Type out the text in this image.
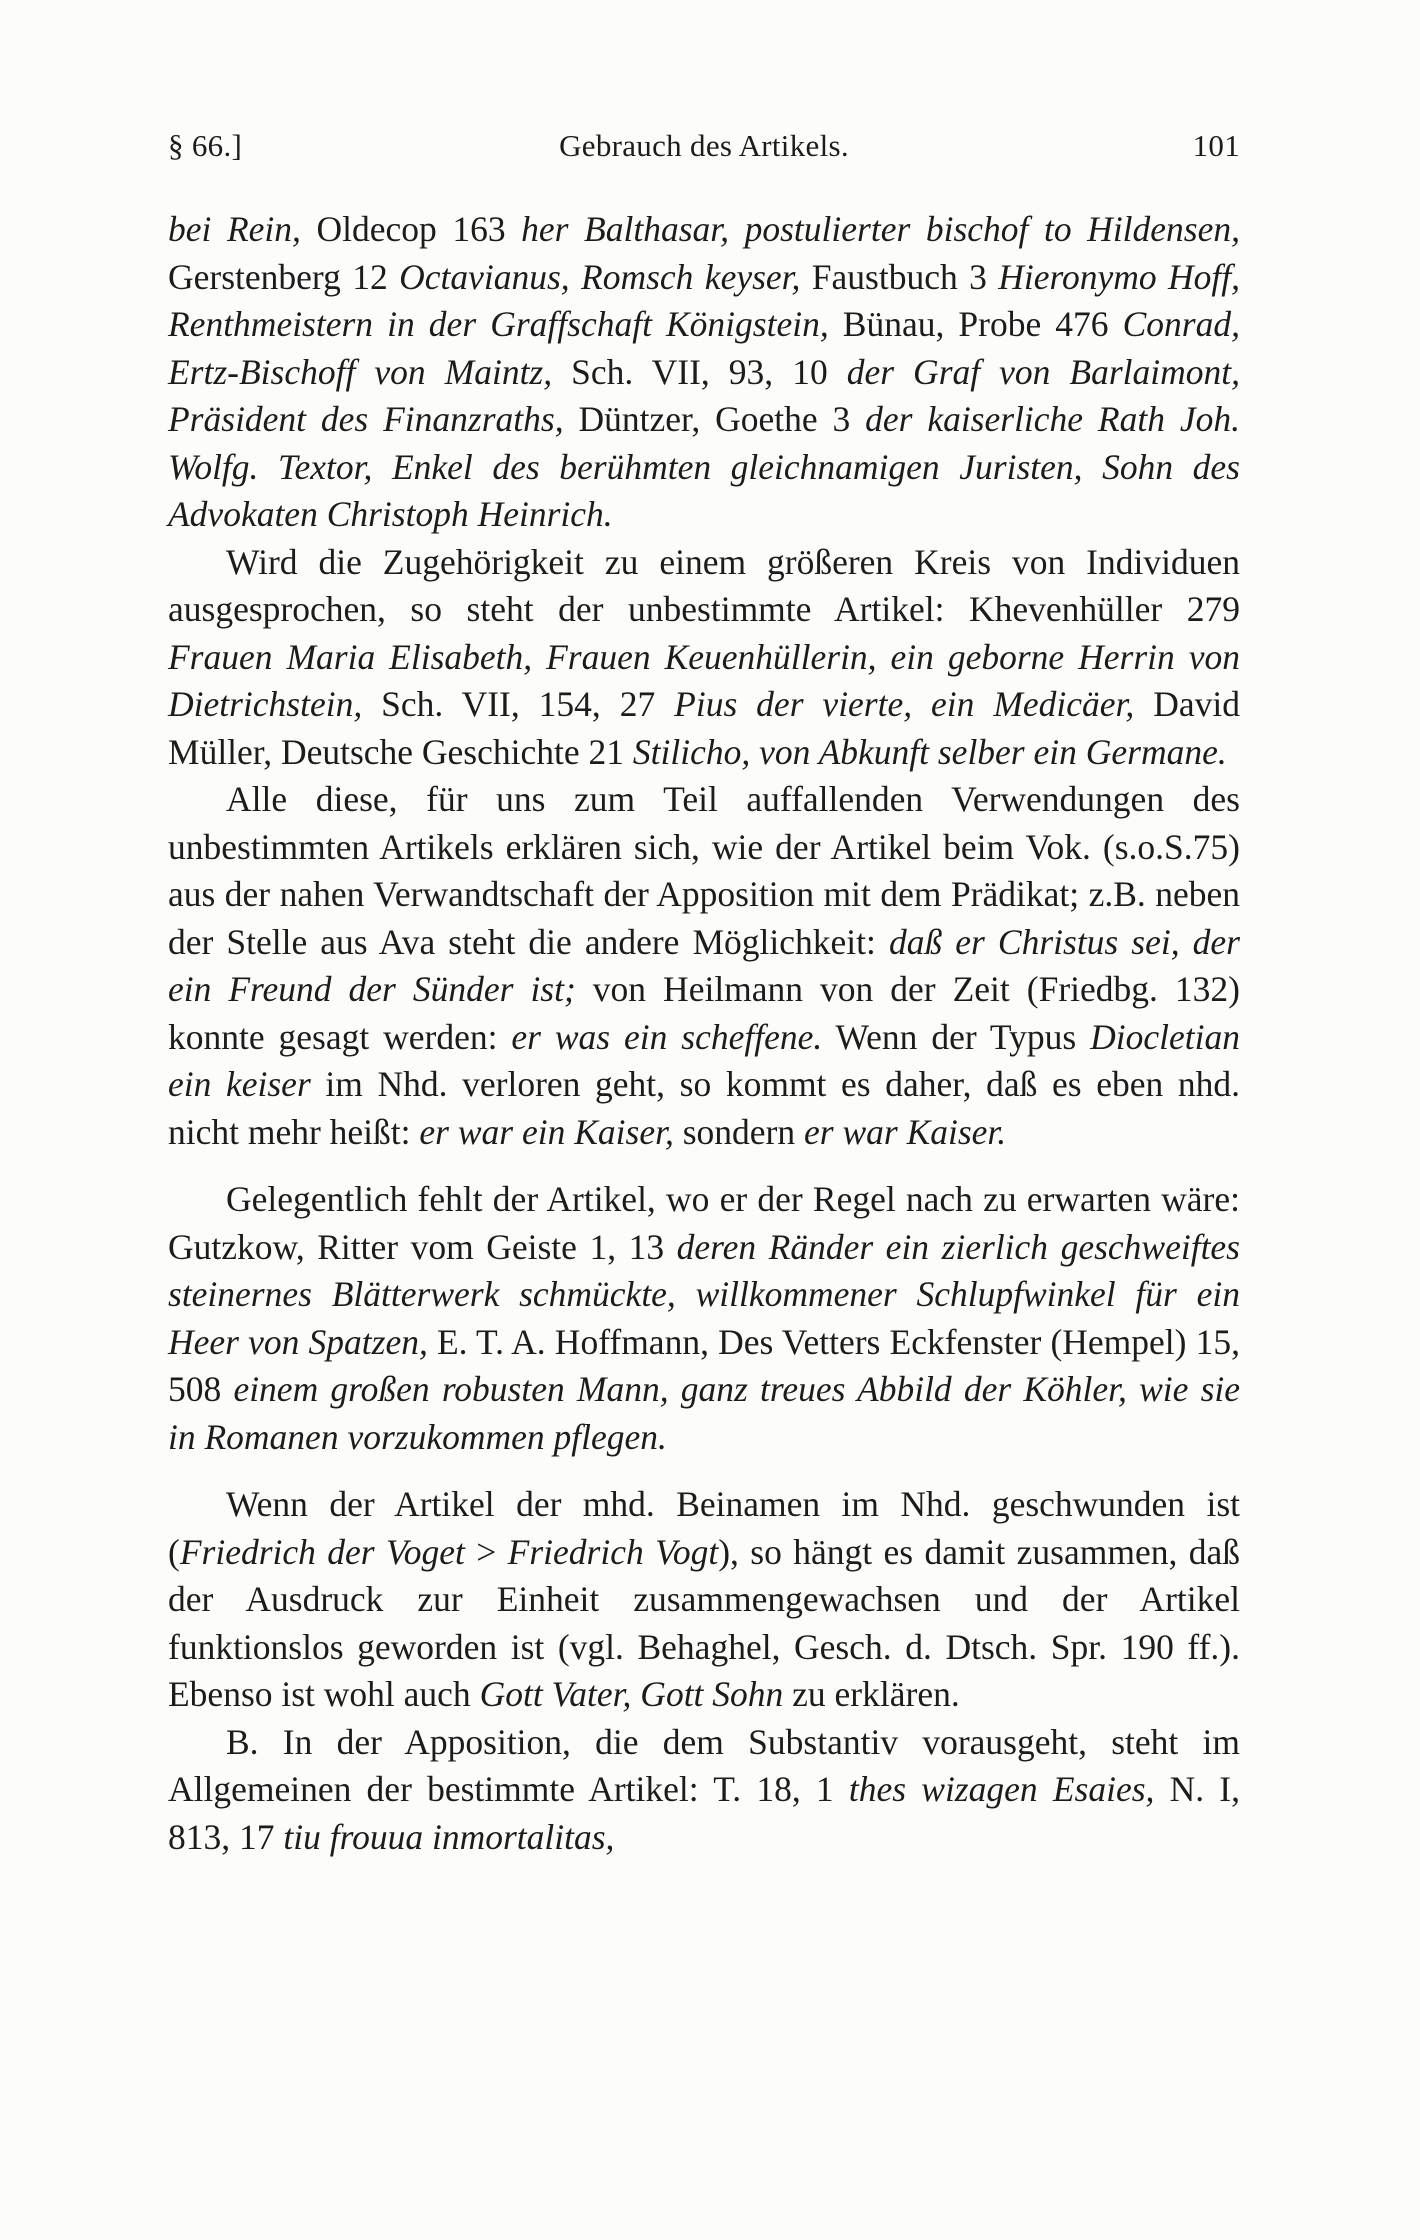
§ 66.]	Gebrauch des Artikels.	101

bei Rein, Oldecop 163 her Balthasar, postulierter bischof to Hildensen, Gerstenberg 12 Octavianus, Romsch keyser, Faustbuch 3 Hieronymo Hoff, Renthmeistern in der Graffschaft Königstein, Bünau, Probe 476 Conrad, Ertz-Bischoff von Maintz, Sch. VII, 93, 10 der Graf von Barlaimont, Präsident des Finanzraths, Düntzer, Goethe 3 der kaiserliche Rath Joh. Wolfg. Textor, Enkel des berühmten gleichnamigen Juristen, Sohn des Advokaten Christoph Heinrich.

Wird die Zugehörigkeit zu einem größeren Kreis von Individuen ausgesprochen, so steht der unbestimmte Artikel: Khevenhüller 279 Frauen Maria Elisabeth, Frauen Keuenhüllerin, ein geborne Herrin von Dietrichstein, Sch. VII, 154, 27 Pius der vierte, ein Medicäer, David Müller, Deutsche Geschichte 21 Stilicho, von Abkunft selber ein Germane.

Alle diese, für uns zum Teil auffallenden Verwendungen des unbestimmten Artikels erklären sich, wie der Artikel beim Vok. (s.o.S.75) aus der nahen Verwandtschaft der Apposition mit dem Prädikat; z.B. neben der Stelle aus Ava steht die andere Möglichkeit: daß er Christus sei, der ein Freund der Sünder ist; von Heilmann von der Zeit (Friedbg. 132) konnte gesagt werden: er was ein scheffene. Wenn der Typus Diocletian ein keiser im Nhd. verloren geht, so kommt es daher, daß es eben nhd. nicht mehr heißt: er war ein Kaiser, sondern er war Kaiser.

Gelegentlich fehlt der Artikel, wo er der Regel nach zu erwarten wäre: Gutzkow, Ritter vom Geiste 1, 13 deren Ränder ein zierlich geschweiftes steinernes Blätterwerk schmückte, willkommener Schlupfwinkel für ein Heer von Spatzen, E. T. A. Hoffmann, Des Vetters Eckfenster (Hempel) 15, 508 einem großen robusten Mann, ganz treues Abbild der Köhler, wie sie in Romanen vorzukommen pflegen.

Wenn der Artikel der mhd. Beinamen im Nhd. geschwunden ist (Friedrich der Voget > Friedrich Vogt), so hängt es damit zusammen, daß der Ausdruck zur Einheit zusammengewachsen und der Artikel funktionslos geworden ist (vgl. Behaghel, Gesch. d. Dtsch. Spr. 190 ff.). Ebenso ist wohl auch Gott Vater, Gott Sohn zu erklären.

B. In der Apposition, die dem Substantiv vorausgeht, steht im Allgemeinen der bestimmte Artikel: T. 18, 1 thes wizagen Esaies, N. I, 813, 17 tiu frouua inmortalitas,
